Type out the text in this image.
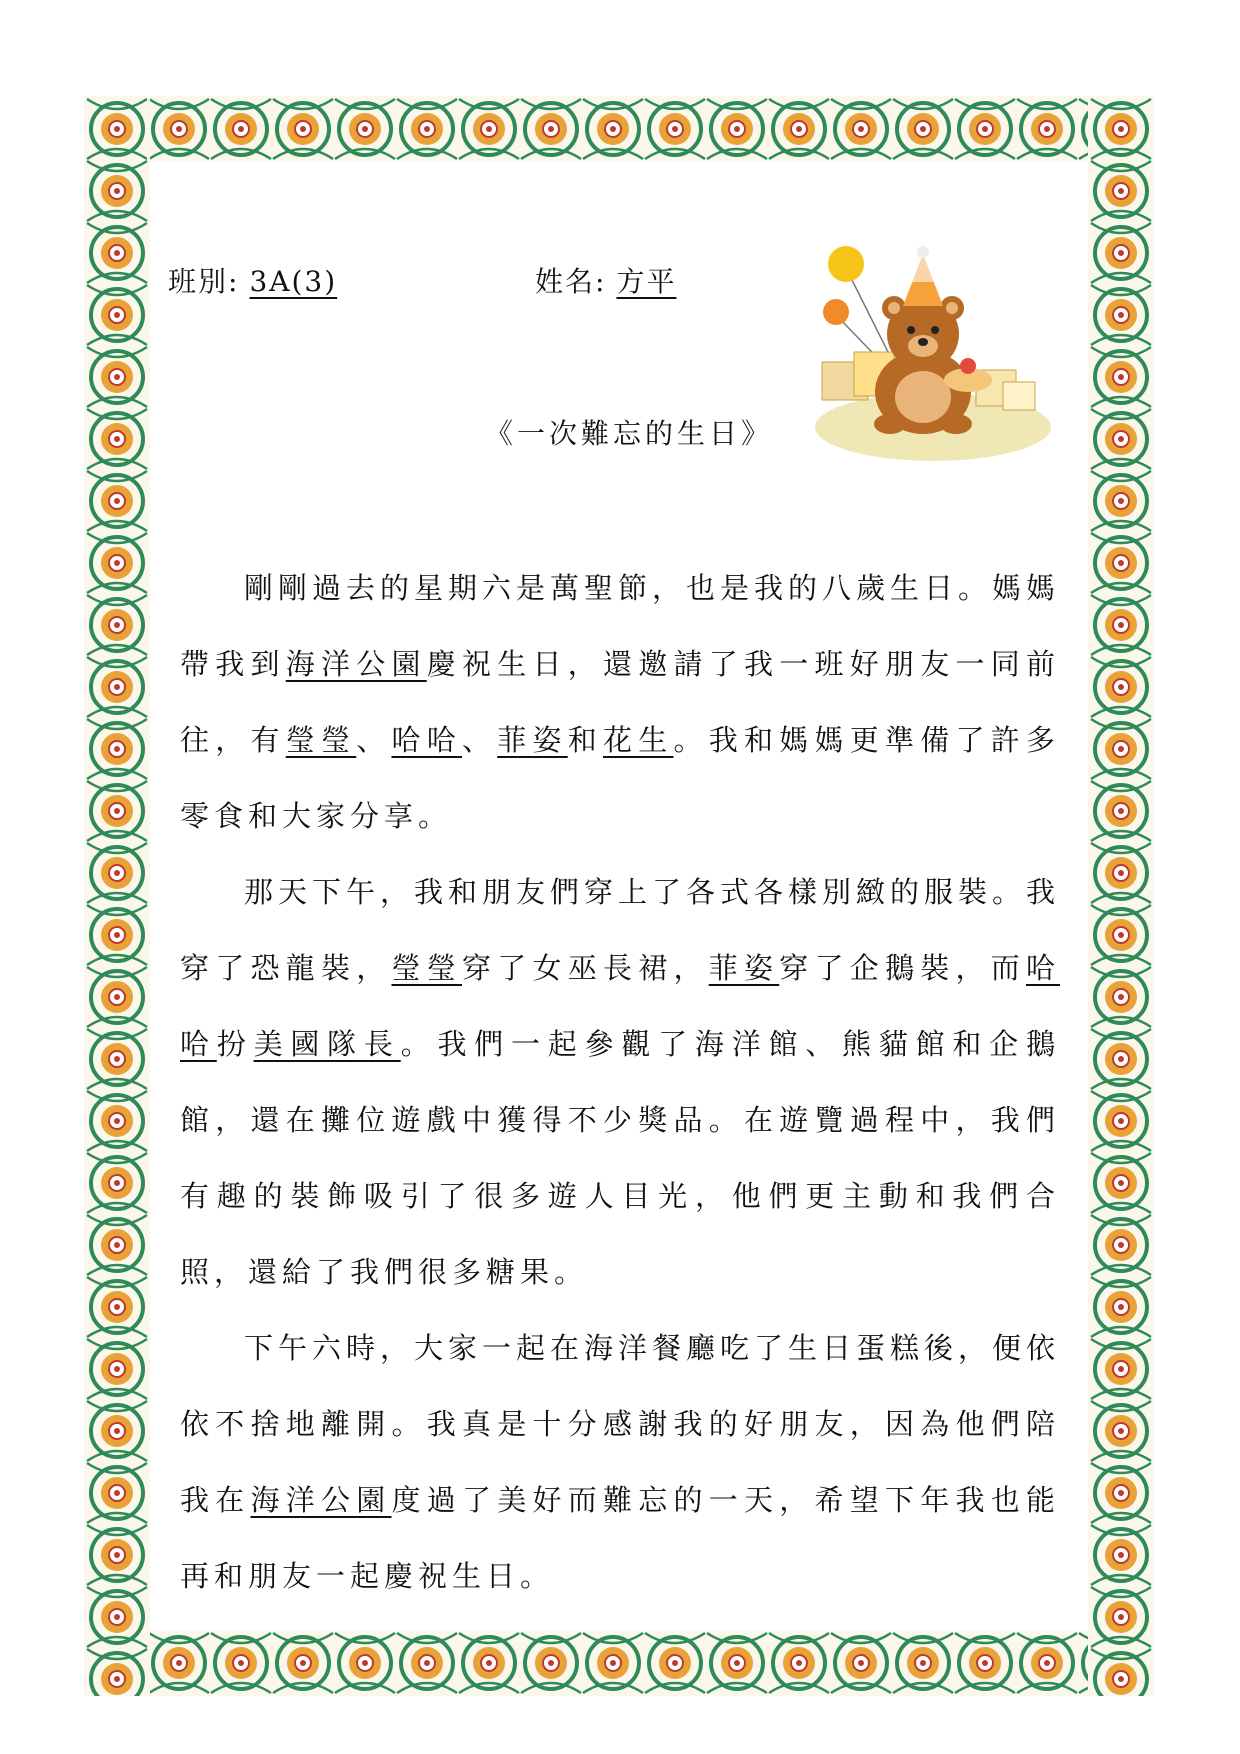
班別: 3A(3)	姓名: 方平
《一次難忘的生日》

剛剛過去的星期六是萬聖節，也是我的八歲生日。媽媽帶我到海洋公園慶祝生日，還邀請了我一班好朋友一同前往，有瑩瑩、哈哈、菲姿和花生。我和媽媽更準備了許多零食和大家分享。

那天下午，我和朋友們穿上了各式各樣別緻的服裝。我穿了恐龍裝，瑩瑩穿了女巫長裙，菲姿穿了企鵝裝，而哈哈扮美國隊長。我們一起參觀了海洋館、熊貓館和企鵝館，還在攤位遊戲中獲得不少獎品。在遊覽過程中，我們有趣的裝飾吸引了很多遊人目光，他們更主動和我們合照，還給了我們很多糖果。

下午六時，大家一起在海洋餐廳吃了生日蛋糕後，便依依不捨地離開。我真是十分感謝我的好朋友，因為他們陪我在海洋公園度過了美好而難忘的一天，希望下年我也能再和朋友一起慶祝生日。
